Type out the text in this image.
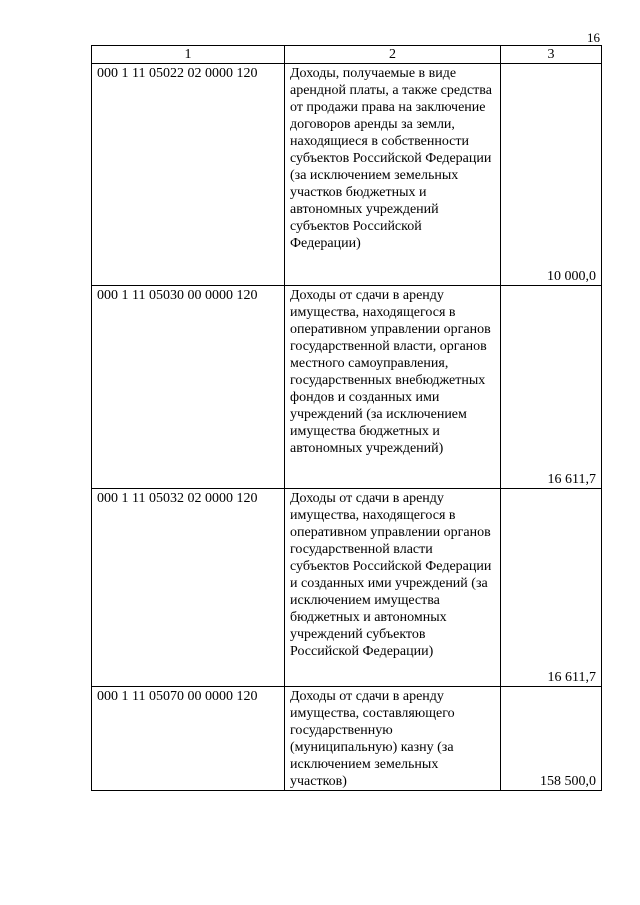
16
1	2	3
000 1 11 05022 02 0000 120	Доходы, получаемые в виде арендной платы, а также средства от продажи права на заключение договоров аренды за земли, находящиеся в собственности субъектов Российской Федерации (за исключением земельных участков бюджетных и автономных учреждений субъектов Российской Федерации)	10 000,0
000 1 11 05030 00 0000 120	Доходы от сдачи в аренду имущества, находящегося в оперативном управлении органов государственной власти, органов местного самоуправления, государственных внебюджетных фондов и созданных ими учреждений (за исключением имущества бюджетных и автономных учреждений)	16 611,7
000 1 11 05032 02 0000 120	Доходы от сдачи в аренду имущества, находящегося в оперативном управлении органов государственной власти субъектов Российской Федерации и созданных ими учреждений (за исключением имущества бюджетных и автономных учреждений субъектов Российской Федерации)	16 611,7
000 1 11 05070 00 0000 120	Доходы от сдачи в аренду имущества, составляющего государственную (муниципальную) казну (за исключением земельных участков)	158 500,0
